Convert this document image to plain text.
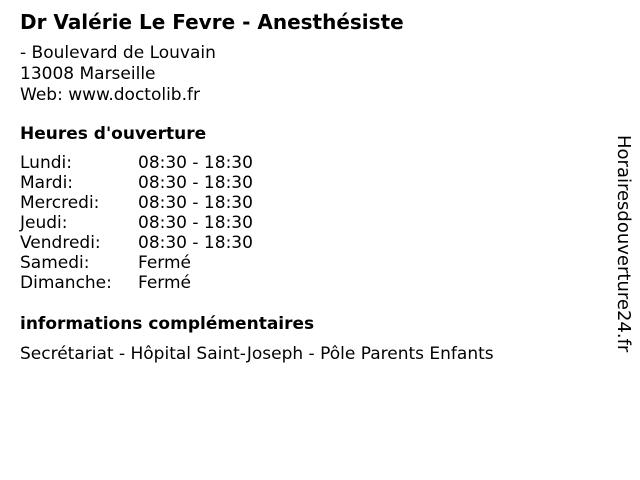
Dr Valérie Le Fevre - Anesthésiste
- Boulevard de Louvain
13008 Marseille
Web: www.doctolib.fr
Heures d'ouverture
Lundi:	08:30 - 18:30
Mardi:	08:30 - 18:30
Mercredi: 08:30 - 18:30
Jeudi:	08:30 - 18:30
Vendredi: 08:30 - 18:30
Samedi:	Fermé
Dimanche: Fermé
informations complémentaires
Secrétariat - Hôpital Saint-Joseph - Pôle Parents Enfants
Horairesdouverture24.fr
